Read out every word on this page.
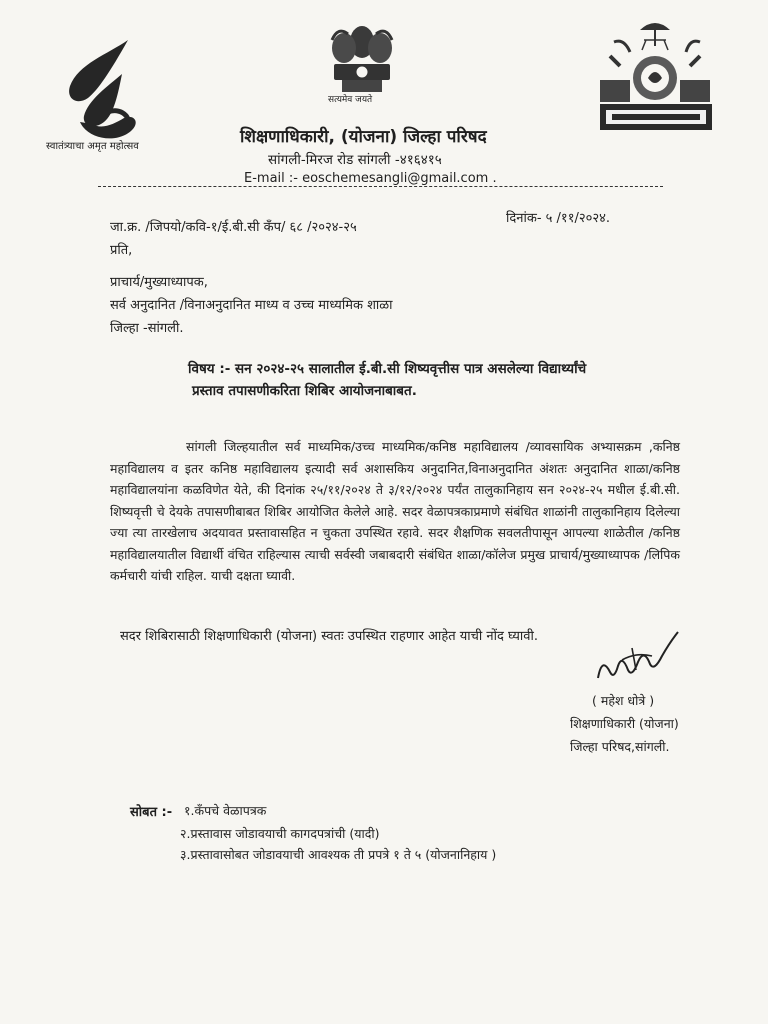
स्वातंत्र्याचा अमृत महोत्सव
सत्यमेव जयते
शिक्षणाधिकारी, (योजना) जिल्हा परिषद
सांगली-मिरज रोड सांगली -४१६४१५
E-mail :- eoschemesangli@gmail.com .
जा.क्र. /जिपयो/कवि-१/ई.बी.सी कँप/ ६८ /२०२४-२५
दिनांक- ५ /११/२०२४.
प्रति,
प्राचार्य/मुख्याध्यापक,
सर्व अनुदानित /विनाअनुदानित माध्य व उच्च माध्यमिक शाळा
जिल्हा -सांगली.
विषय :- सन २०२४-२५ सालातील ई.बी.सी शिष्यवृत्तीस पात्र असलेल्या विद्यार्थ्यांचे
प्रस्ताव तपासणीकरिता शिबिर आयोजनाबाबत.
सांगली जिल्हयातील सर्व माध्यमिक/उच्च माध्यमिक/कनिष्ठ महाविद्यालय /व्यावसायिक अभ्यासक्रम ,कनिष्ठ महाविद्यालय व इतर कनिष्ठ महाविद्यालय इत्यादी सर्व अशासकिय अनुदानित,विनाअनुदानित अंशतः अनुदानित शाळा/कनिष्ठ महाविद्यालयांना कळविणेत येते, की दिनांक २५/११/२०२४ ते ३/१२/२०२४ पर्यंत तालुकानिहाय सन २०२४-२५ मधील ई.बी.सी. शिष्यवृत्ती चे देयके तपासणीबाबत शिबिर आयोजित केलेले आहे. सदर वेळापत्रकाप्रमाणे संबंधित शाळांनी तालुकानिहाय दिलेल्या ज्या त्या तारखेलाच अदयावत प्रस्तावासहित न चुकता उपस्थित रहावे. सदर शैक्षणिक सवलतीपासून आपल्या शाळेतील /कनिष्ठ महाविद्यालयातील विद्यार्थी वंचित राहिल्यास त्याची सर्वस्वी जबाबदारी संबंधित शाळा/कॉलेज प्रमुख प्राचार्य/मुख्याध्यापक /लिपिक कर्मचारी यांची राहिल. याची दक्षता घ्यावी.
सदर शिबिरासाठी शिक्षणाधिकारी (योजना) स्वतः उपस्थित राहणार आहेत याची नोंद घ्यावी.
( महेश धोत्रे )
शिक्षणाधिकारी (योजना)
जिल्हा परिषद,सांगली.
सोबत :- १.कँपचे वेळापत्रक
२.प्रस्तावास जोडावयाची कागदपत्रांची (यादी)
३.प्रस्तावासोबत जोडावयाची आवश्यक ती प्रपत्रे १ ते ५ (योजनानिहाय )
